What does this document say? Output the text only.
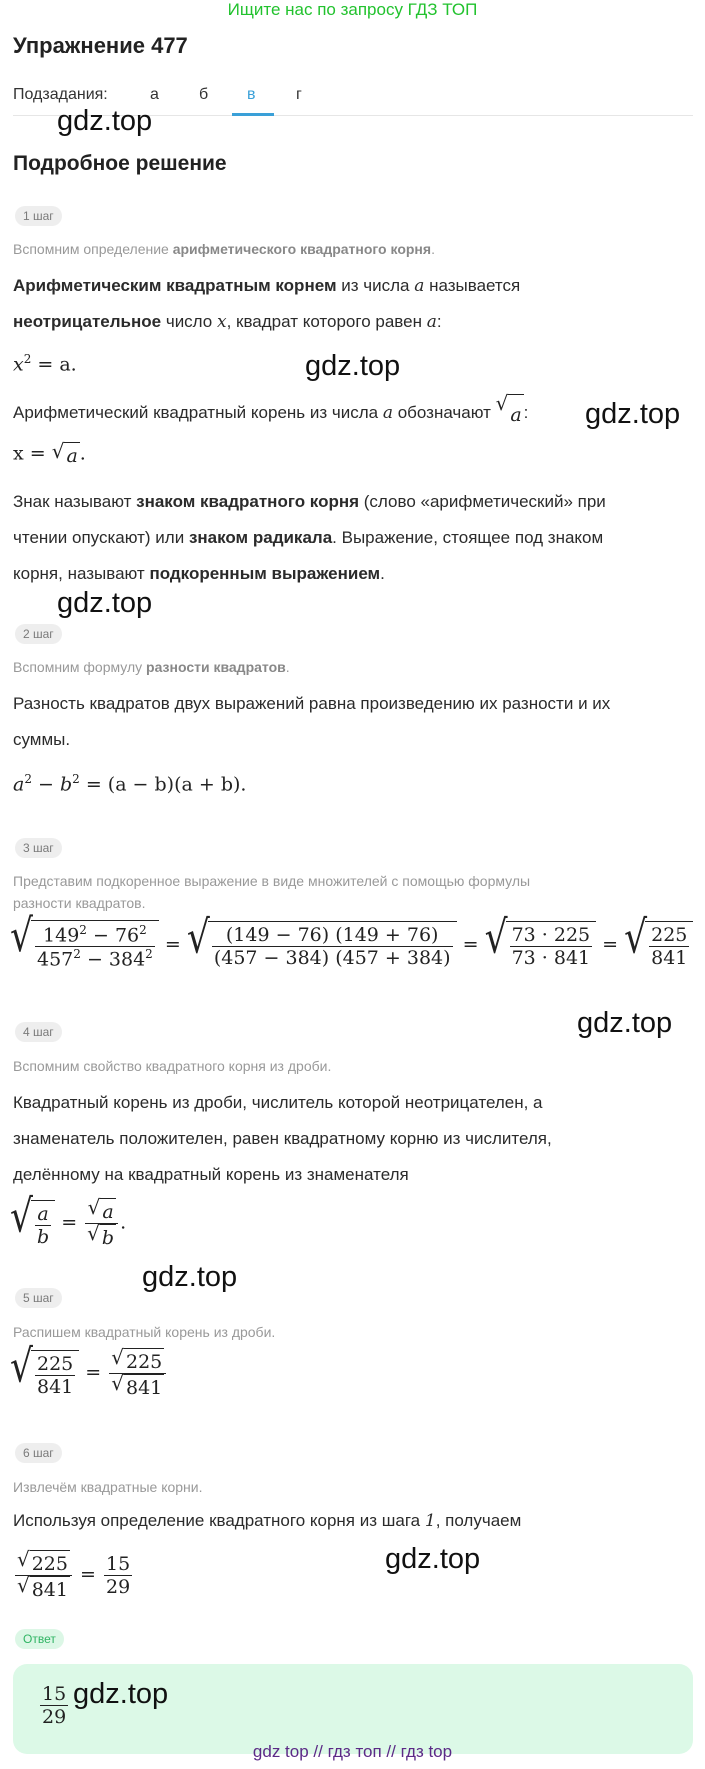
Ищите нас по запросу ГДЗ ТОП
Упражнение 477
Подзадания:	а	б в	г
gdz.top
gdz.top
gdz.top
gdz.top
gdz.top
gdz.top
gdz.top
Подробное решение
1 шаг
Вспомним определение арифметического квадратного корня.
Арифметическим квадратным корнем из числа a называется
неотрицательное число x, квадрат которого равен a:
$x^2 = a$.
Арифметический квадратный корень из числа a обозначают √ a :
x = √ a .
Знак называют знаком квадратного корня (слово «арифметический» при
чтении опускают) или знаком радикала. Выражение, стоящее под знаком
корня, называют подкоренным выражением.
2 шаг
Вспомним формулу разности квадратов.
Разность квадратов двух выражений равна произведению их разности и их
суммы.
$a^2 - b^2 = (a - b)(a + b)$.
3 шаг
Представим подкоренное выражение в виде множителей с помощью формулы
разности квадратов.
√ $\frac{149^2 - 76^2}{457^2 - 384^2}$ = √ $\frac{(149 - 76) (149 + 76)}{(457 - 384) (457 + 384)}$ = √ $\frac{73 \cdot 225}{73 \cdot 841}$ = √ $\frac{225}{841}$
4 шаг
Вспомним свойство квадратного корня из дроби.
Квадратный корень из дроби, числитель которой неотрицателен, а
знаменатель положителен, равен квадратному корню из числителя,
делённому на квадратный корень из знаменателя
√ $\frac{a}{b} = \frac{√ a}{√ b}$ .
5 шаг
Распишем квадратный корень из дроби.
√ $\frac{225}{841} = \frac{√ 225}{√ 841}$
6 шаг
Извлечём квадратные корни.
Используя определение квадратного корня из шага 1, получаем
$\frac{√ 225}{√ 841} = \frac{15}{29}$
Ответ
$\frac{15}{29} gdz.top$
gdz top // гдз топ // гдз top
